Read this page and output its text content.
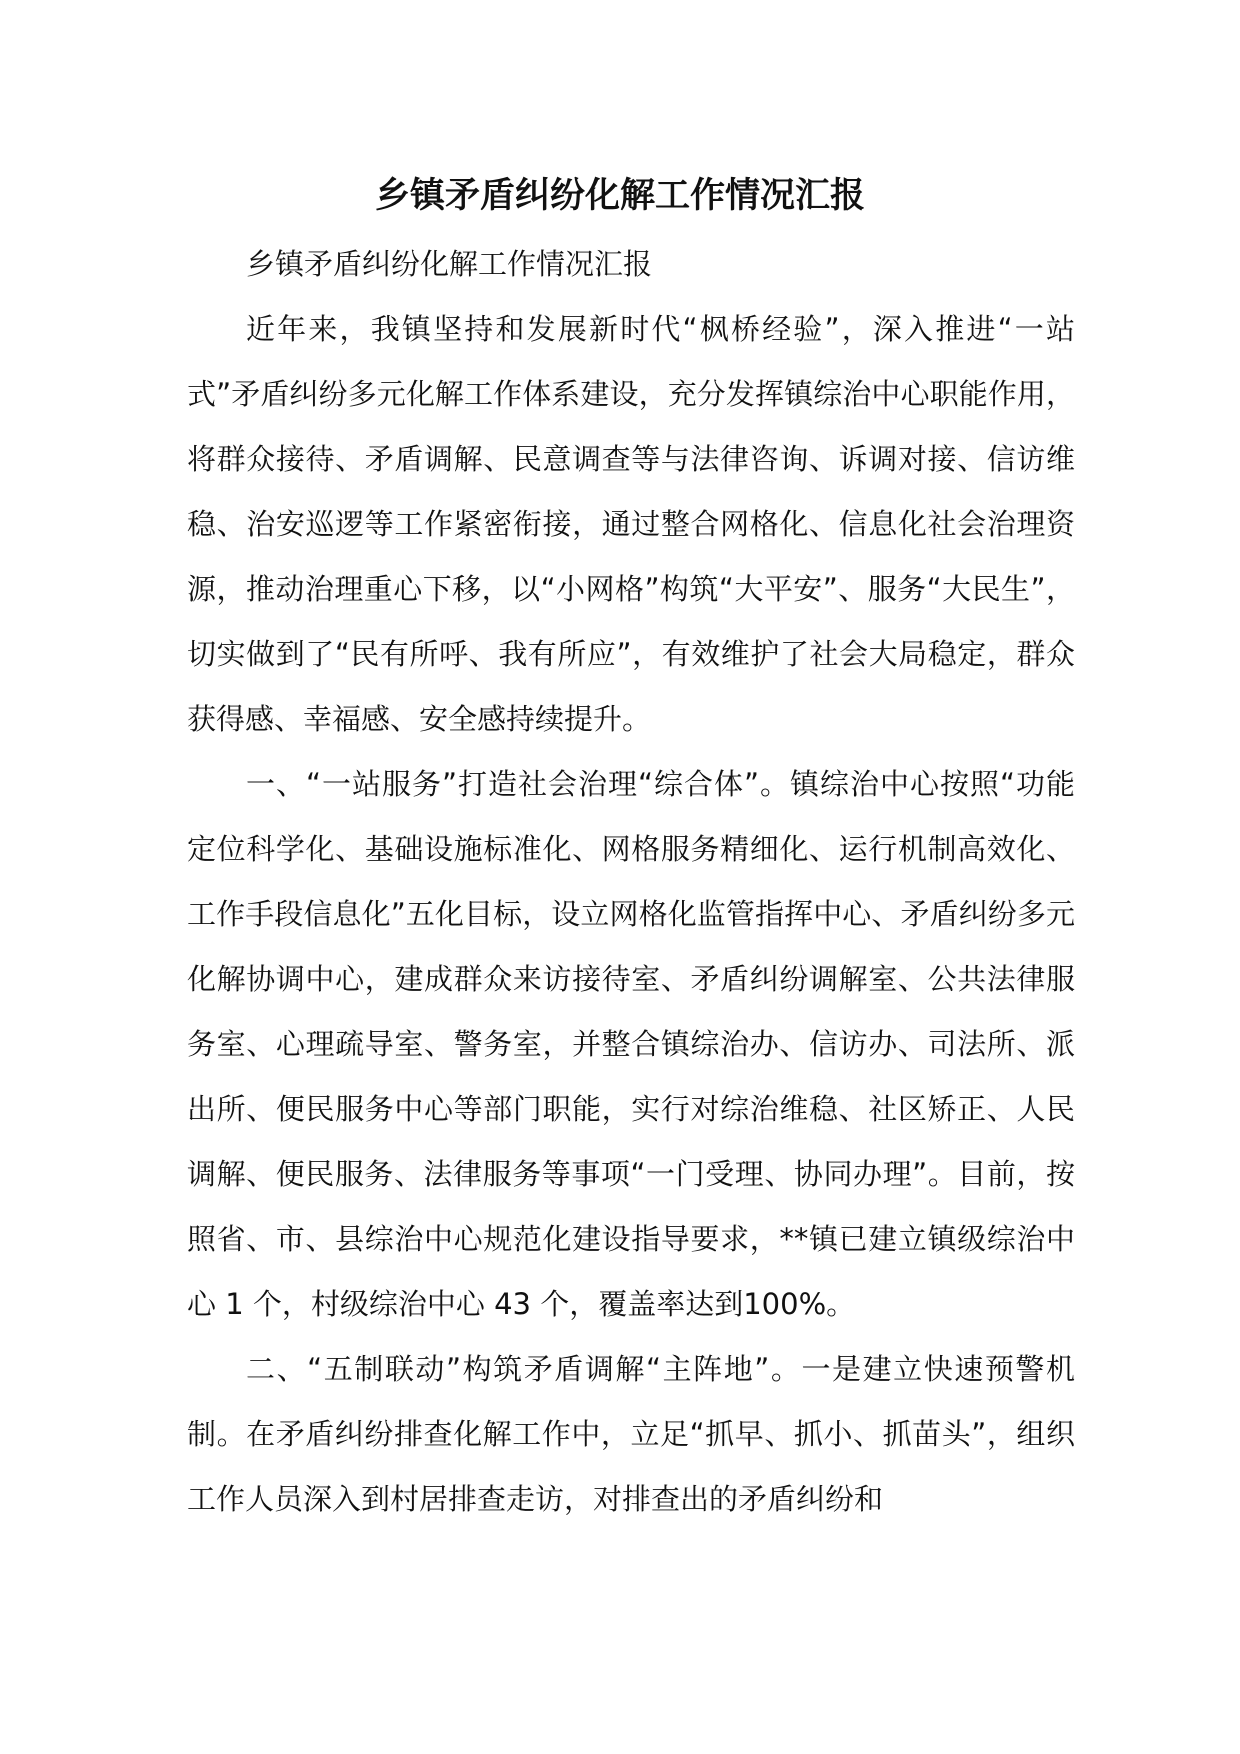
乡镇矛盾纠纷化解工作情况汇报

乡镇矛盾纠纷化解工作情况汇报

近年来，我镇坚持和发展新时代“枫桥经验”，深入推进“一站式”矛盾纠纷多元化解工作体系建设，充分发挥镇综治中心职能作用，将群众接待、矛盾调解、民意调查等与法律咨询、诉调对接、信访维稳、治安巡逻等工作紧密衔接，通过整合网格化、信息化社会治理资源，推动治理重心下移，以“小网格”构筑“大平安”、服务“大民生”，切实做到了“民有所呼、我有所应”，有效维护了社会大局稳定，群众获得感、幸福感、安全感持续提升。

一、“一站服务”打造社会治理“综合体”。镇综治中心按照“功能定位科学化、基础设施标准化、网格服务精细化、运行机制高效化、工作手段信息化”五化目标，设立网格化监管指挥中心、矛盾纠纷多元化解协调中心，建成群众来访接待室、矛盾纠纷调解室、公共法律服务室、心理疏导室、警务室，并整合镇综治办、信访办、司法所、派出所、便民服务中心等部门职能，实行对综治维稳、社区矫正、人民调解、便民服务、法律服务等事项“一门受理、协同办理”。目前，按照省、市、县综治中心规范化建设指导要求，**镇已建立镇级综治中心 1 个，村级综治中心 43 个，覆盖率达到100%。

二、“五制联动”构筑矛盾调解“主阵地”。一是建立快速预警机制。在矛盾纠纷排查化解工作中，立足“抓早、抓小、抓苗头”，组织工作人员深入到村居排查走访，对排查出的矛盾纠纷和
